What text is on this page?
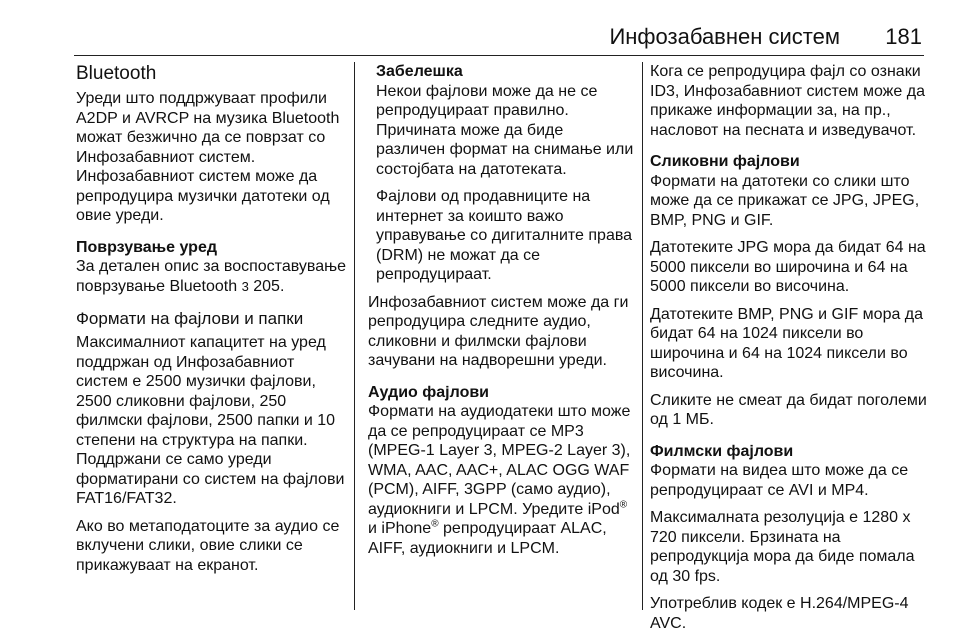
Инфозабавнен систем 181
Bluetooth

Уреди што поддржуваат профили A2DP и AVRCP на музика Bluetooth можат безжично да се поврзат со Инфозабавниот систем. Инфозабавниот систем може да репродуцира музички датотеки од овие уреди.

Поврзување уред

За детален опис за воспоставување поврзување Bluetooth 3 205.

Формати на фајлови и папки

Максималниот капацитет на уред поддржан од Инфозабавниот систем е 2500 музички фајлови, 2500 сликовни фајлови, 250 филмски фајлови, 2500 папки и 10 степени на структура на папки. Поддржани се само уреди форматирани со систем на фајлови FAT16/FAT32.

Ако во метаподатоците за аудио се вклучени слики, овие слики се прикажуваат на екранот.

Забелешка

Некои фајлови може да не се репродуцираат правилно. Причината може да биде различен формат на снимање или состојбата на датотеката.

Фајлови од продавниците на интернет за коишто важо управување со дигиталните права (DRM) не можат да се репродуцираат.

Инфозабавниот систем може да ги репродуцира следните аудио, сликовни и филмски фајлови зачувани на надворешни уреди.

Аудио фајлови

Формати на аудиодатеки што може да се репродуцираат се MP3 (MPEG-1 Layer 3, MPEG-2 Layer 3), WMA, AAC, AAC+, ALAC OGG WAF (PCM), AIFF, 3GPP (само аудио), аудиокниги и LPCM. Уредите iPod® и iPhone® репродуцираат ALAC, AIFF, аудиокниги и LPCM.

Кога се репродуцира фајл со ознаки ID3, Инфозабавниот систем може да прикаже информации за, на пр., насловот на песната и изведувачот.

Сликовни фајлови

Формати на датотеки со слики што може да се прикажат се JPG, JPEG, BMP, PNG и GIF.

Датотеките JPG мора да бидат 64 на 5000 пиксели во широчина и 64 на 5000 пиксели во височина.

Датотеките BMP, PNG и GIF мора да бидат 64 на 1024 пиксели во широчина и 64 на 1024 пиксели во височина.

Сликите не смеат да бидат поголеми од 1 МБ.

Филмски фајлови

Формати на видеа што може да се репродуцираат се AVI и MP4.

Максималната резолуција е 1280 x 720 пиксели. Брзината на репродукција мора да биде помала од 30 fps.

Употреблив кодек е H.264/MPEG-4 AVC.
